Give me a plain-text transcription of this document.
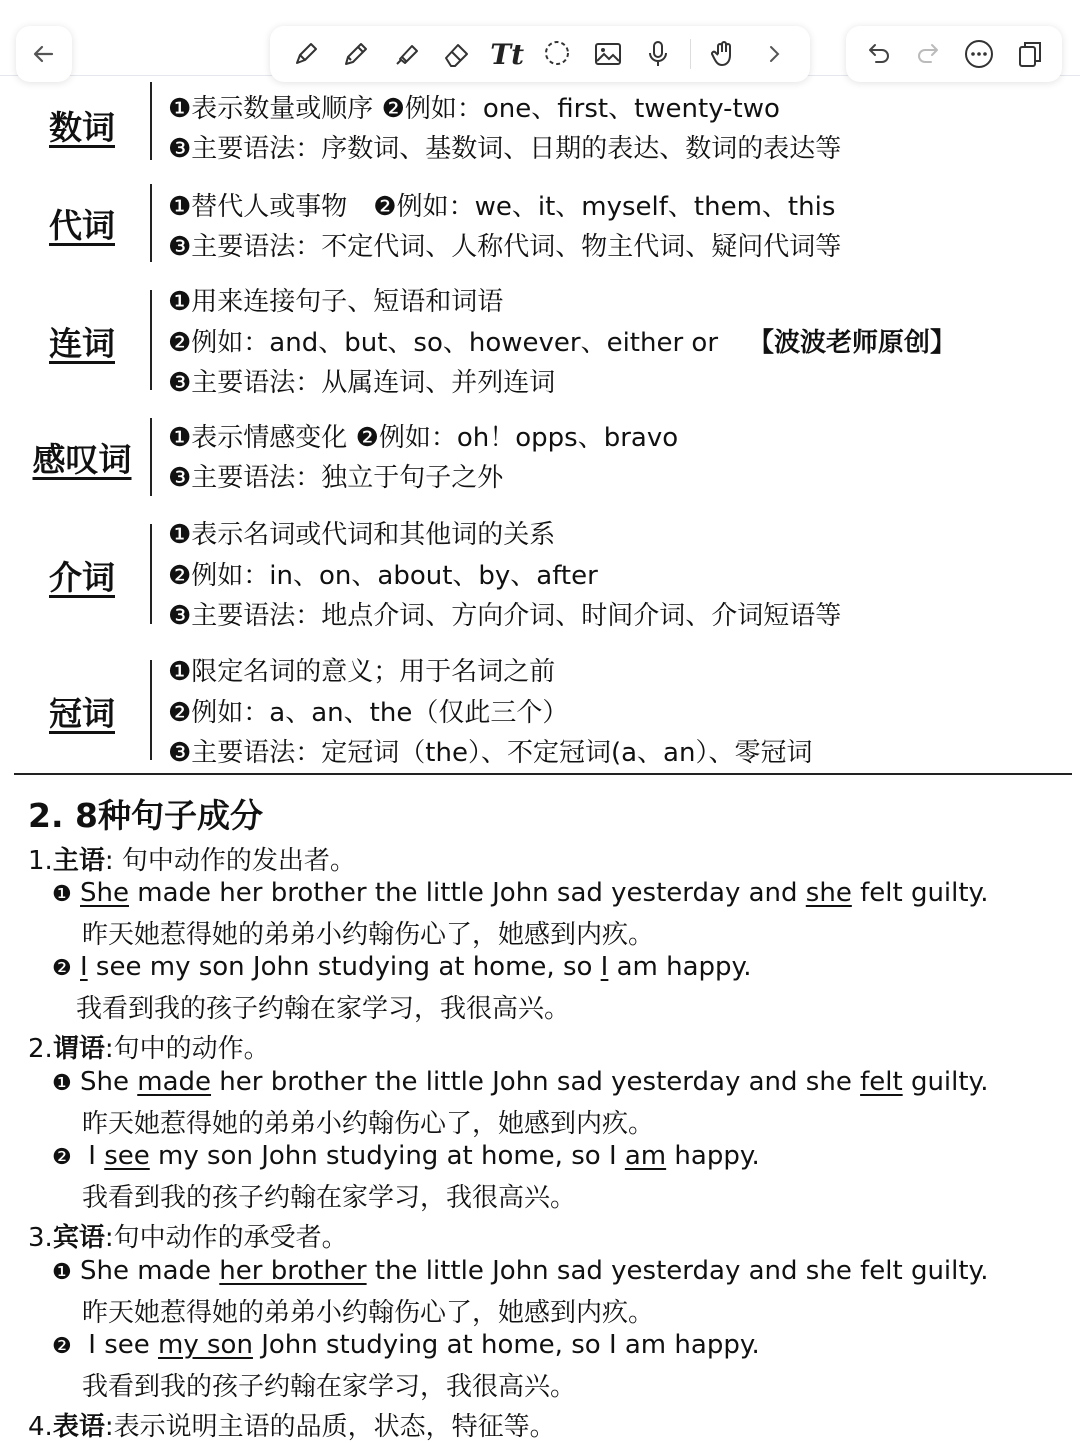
Tt
数词	❶表示数量或顺序 ❷例如：one、first、twenty-two
❸主要语法：序数词、基数词、日期的表达、数词的表达等
代词	❶替代人或事物　❷例如：we、it、myself、them、this
❸主要语法：不定代词、人称代词、物主代词、疑问代词等
连词
❶用来连接句子、短语和词语
❷例如：and、but、so、however、either or 【波波老师原创】
❸主要语法：从属连词、并列连词
感叹词
❶表示情感变化 ❷例如：oh！opps、bravo
❸主要语法：独立于句子之外
介词
❶表示名词或代词和其他词的关系
❷例如：in、on、about、by、after
❸主要语法：地点介词、方向介词、时间介词、介词短语等
冠词
❶限定名词的意义；用于名词之前
❷例如：a、an、the（仅此三个）
❸主要语法：定冠词（the）、不定冠词(a、an）、零冠词
2. 8种句子成分
1.主语: 句中动作的发出者。
❶ She made her brother the little John sad yesterday and she felt guilty.
昨天她惹得她的弟弟小约翰伤心了，她感到内疚。
❷ I see my son John studying at home, so I am happy.
我看到我的孩子约翰在家学习，我很高兴。
2.谓语:句中的动作。
❶ She made her brother the little John sad yesterday and she felt guilty.
昨天她惹得她的弟弟小约翰伤心了，她感到内疚。
❷ I see my son John studying at home, so I am happy.
我看到我的孩子约翰在家学习，我很高兴。
3.宾语:句中动作的承受者。
❶ She made her brother the little John sad yesterday and she felt guilty.
昨天她惹得她的弟弟小约翰伤心了，她感到内疚。
❷ I see my son John studying at home, so I am happy.
我看到我的孩子约翰在家学习，我很高兴。
4.表语:表示说明主语的品质，状态，特征等。
